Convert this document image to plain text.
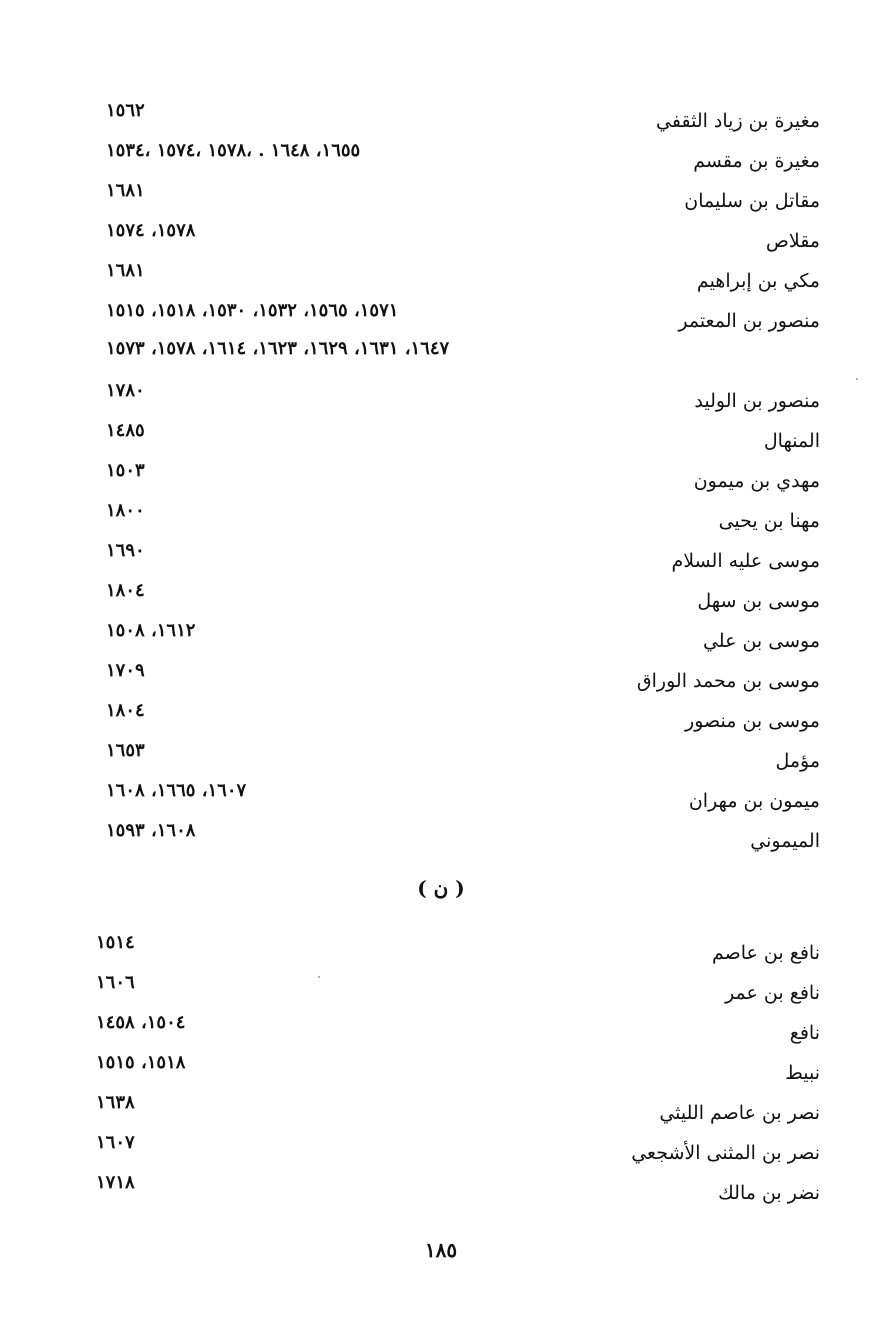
مغيرة بن زياد الثقفي
١٥٦٢
مغيرة بن مقسم
١٦٥٥، ١٦٤٨ . ،١٥٧٨ ،١٥٧٤ ،١٥٣٤
مقاتل بن سليمان
١٦٨١
مقلاص
١٥٧٨، ١٥٧٤
مكي بن إبراهيم
١٦٨١
منصور بن المعتمر
١٥٧١، ١٥٦٥، ١٥٣٢، ١٥٣٠، ١٥١٨، ١٥١٥
١٦٤٧، ١٦٣١، ١٦٢٩، ١٦٢٣، ١٦١٤، ١٥٧٨، ١٥٧٣
منصور بن الوليد
١٧٨٠
المنهال
١٤٨٥
مهدي بن ميمون
١٥٠٣
مهنا بن يحيى
١٨٠٠
موسى عليه السلام
١٦٩٠
موسى بن سهل
١٨٠٤
موسى بن علي
١٦١٢، ١٥٠٨
موسى بن محمد الوراق
١٧٠٩
موسى بن منصور
١٨٠٤
مؤمل
١٦٥٣
ميمون بن مهران
١٦٠٧، ١٦٦٥، ١٦٠٨
الميموني
١٦٠٨، ١٥٩٣
( ن )
نافع بن عاصم
١٥١٤
نافع بن عمر
١٦٠٦
نافع
١٥٠٤، ١٤٥٨
نبيط
١٥١٨، ١٥١٥
نصر بن عاصم الليثي
١٦٣٨
نصر بن المثنى الأشجعي
١٦٠٧
نضر بن مالك
١٧١٨
١٨٥
